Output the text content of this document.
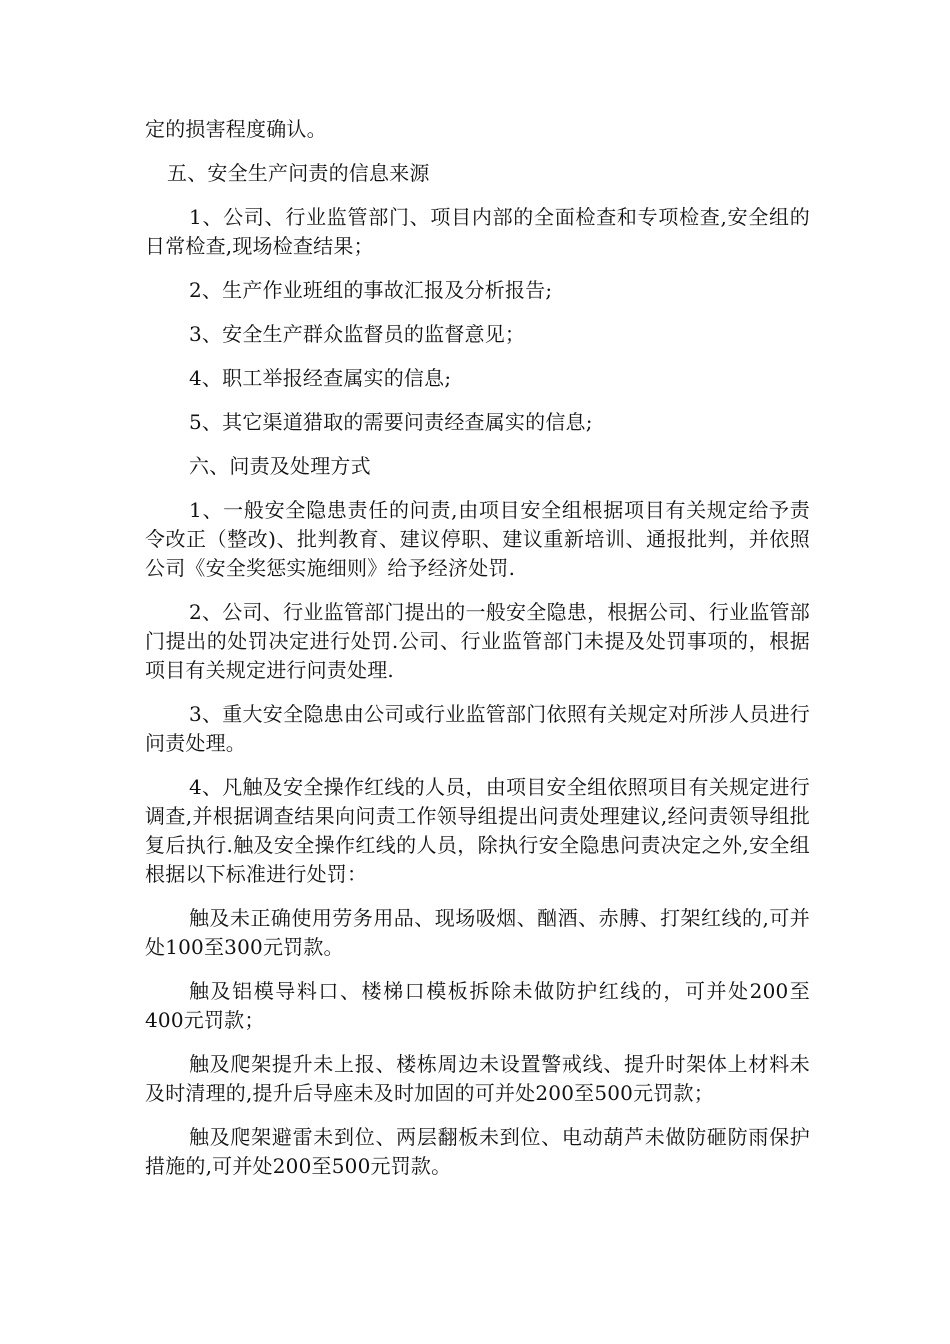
定的损害程度确认。

五、安全生产问责的信息来源

1、公司、行业监管部门、项目内部的全面检查和专项检查,安全组的日常检查,现场检查结果；

2、生产作业班组的事故汇报及分析报告;

3、安全生产群众监督员的监督意见；

4、职工举报经查属实的信息;

5、其它渠道猎取的需要问责经查属实的信息;

六、问责及处理方式

1、一般安全隐患责任的问责,由项目安全组根据项目有关规定给予责令改正（整改)、批判教育、建议停职、建议重新培训、通报批判，并依照公司《安全奖惩实施细则》给予经济处罚.

2、公司、行业监管部门提出的一般安全隐患，根据公司、行业监管部门提出的处罚决定进行处罚.公司、行业监管部门未提及处罚事项的，根据项目有关规定进行问责处理.

3、重大安全隐患由公司或行业监管部门依照有关规定对所涉人员进行问责处理。

4、凡触及安全操作红线的人员，由项目安全组依照项目有关规定进行调查,并根据调查结果向问责工作领导组提出问责处理建议,经问责领导组批复后执行.触及安全操作红线的人员，除执行安全隐患问责决定之外,安全组根据以下标准进行处罚：

触及未正确使用劳务用品、现场吸烟、酗酒、赤膊、打架红线的,可并处100至300元罚款。

触及铝模导料口、楼梯口模板拆除未做防护红线的，可并处200至400元罚款；

触及爬架提升未上报、楼栋周边未设置警戒线、提升时架体上材料未及时清理的,提升后导座未及时加固的可并处200至500元罚款；

触及爬架避雷未到位、两层翻板未到位、电动葫芦未做防砸防雨保护措施的,可并处200至500元罚款。
